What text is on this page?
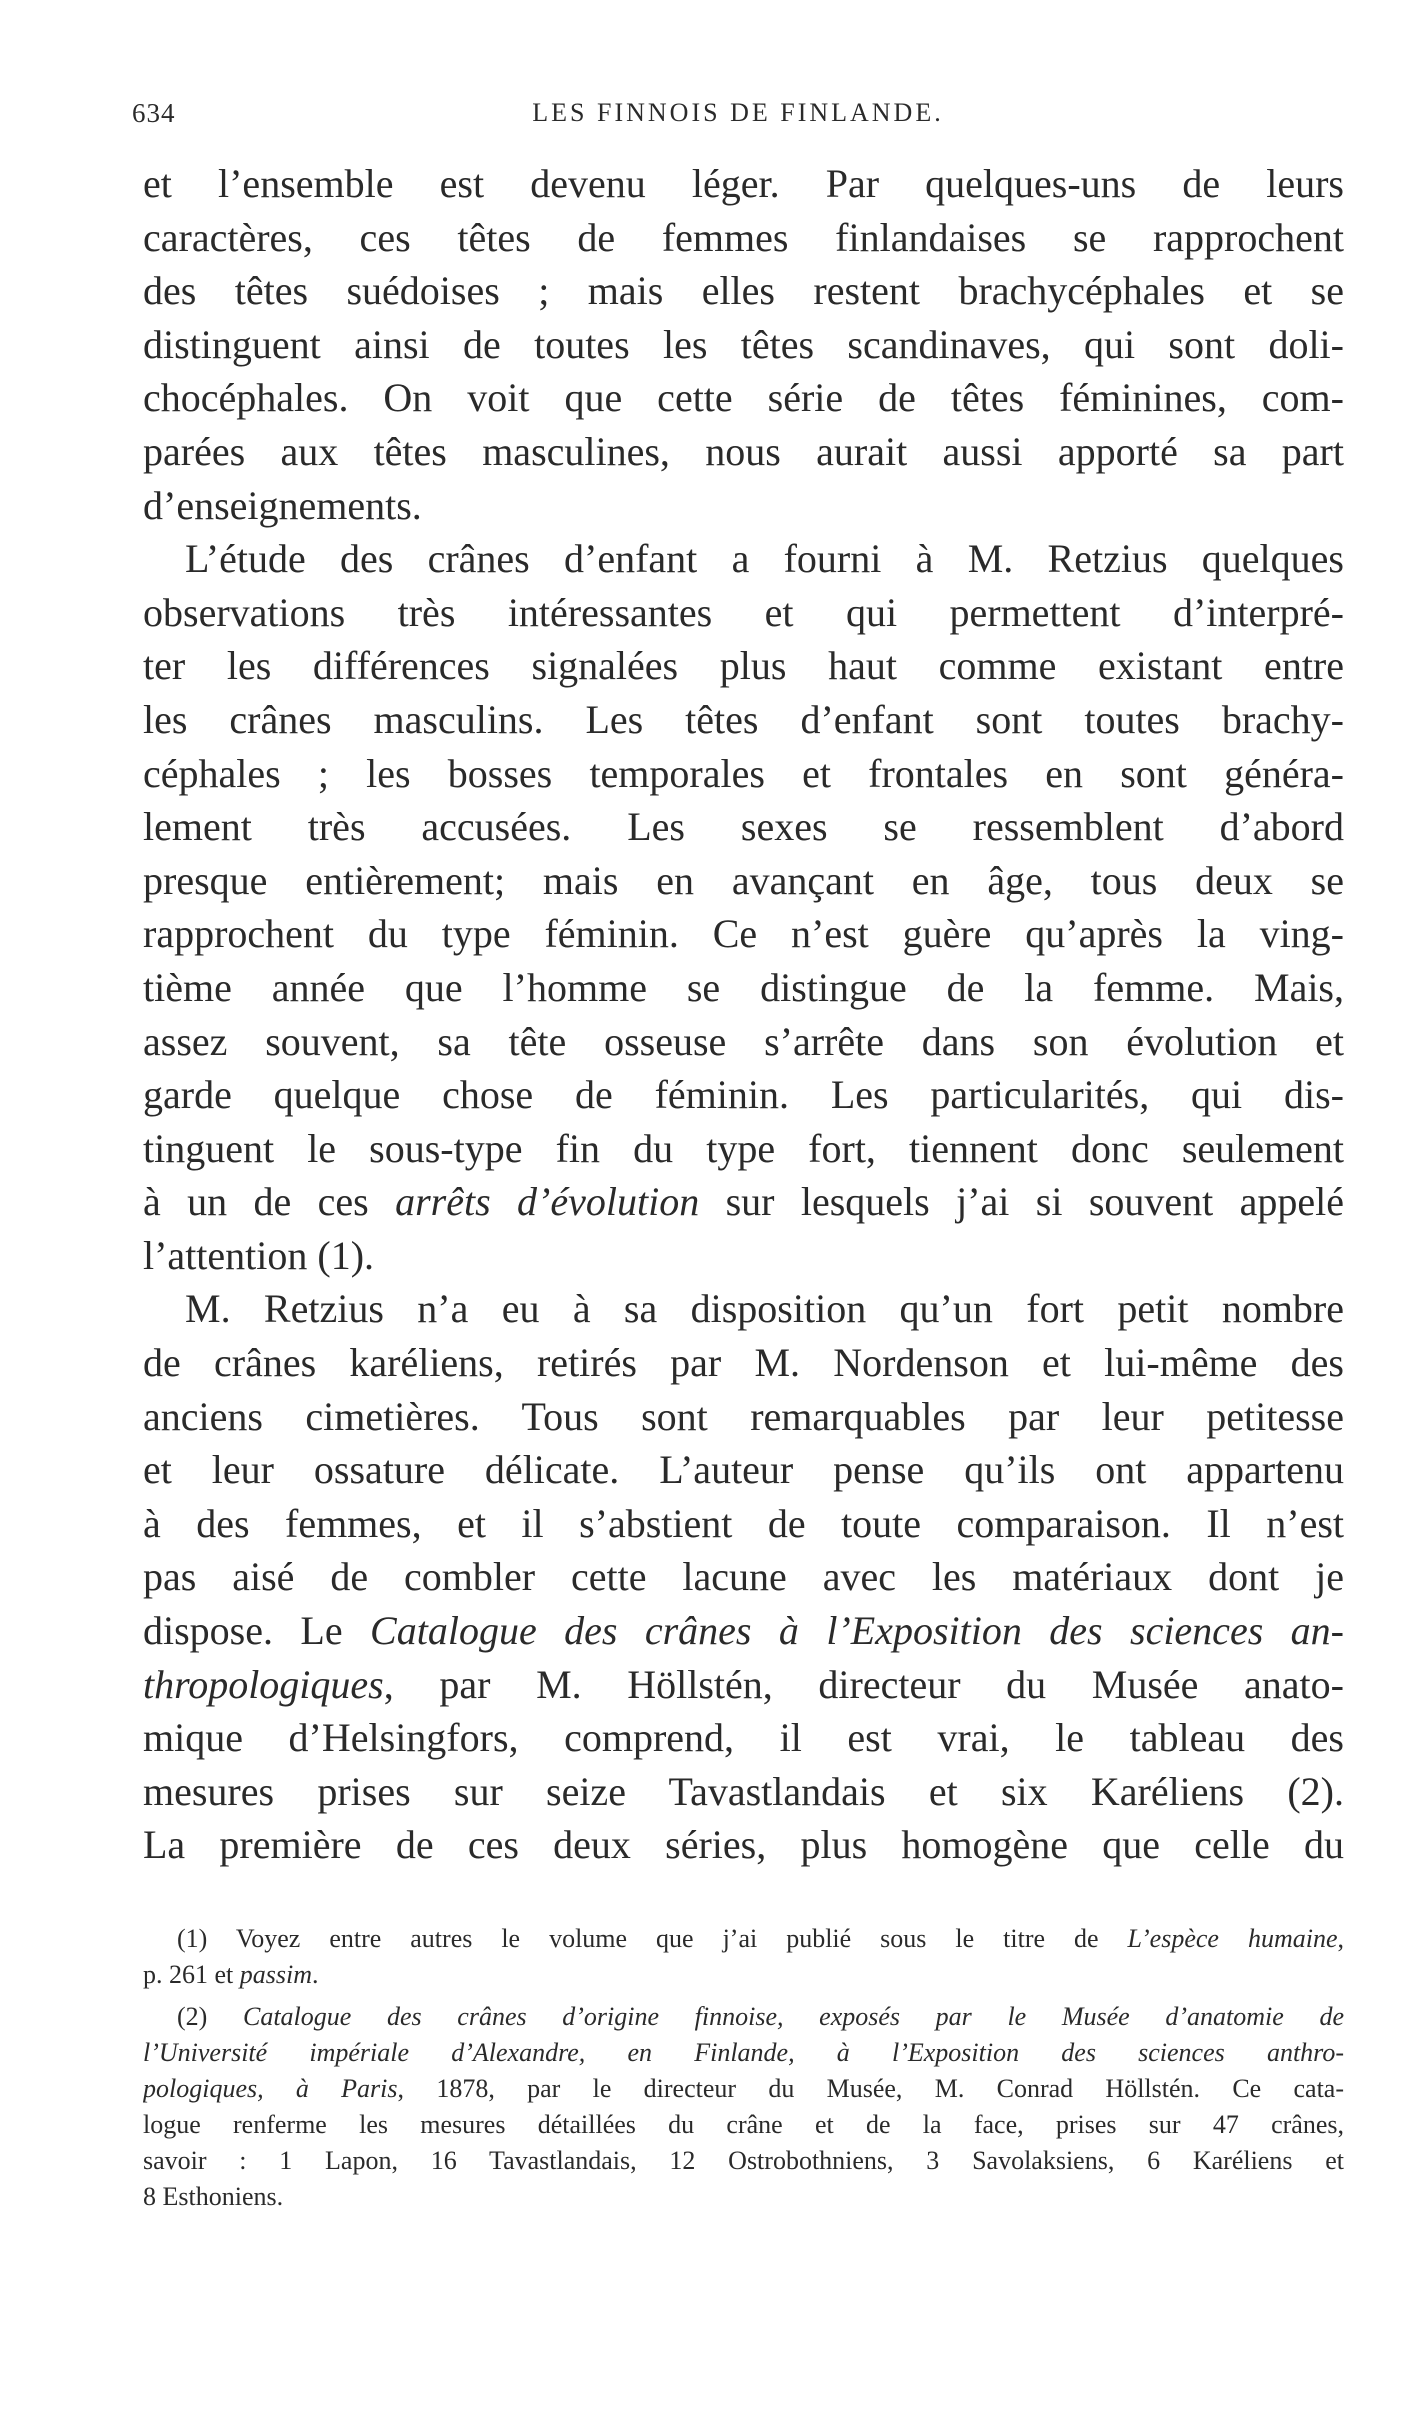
634	LES FINNOIS DE FINLANDE.
et l’ensemble est devenu léger. Par quelques-uns de leurs
caractères, ces têtes de femmes finlandaises se rapprochent
des têtes suédoises ; mais elles restent brachycéphales et se
distinguent ainsi de toutes les têtes scandinaves, qui sont doli-
chocéphales. On voit que cette série de têtes féminines, com-
parées aux têtes masculines, nous aurait aussi apporté sa part
d’enseignements.
L’étude des crânes d’enfant a fourni à M. Retzius quelques
observations très intéressantes et qui permettent d’interpré-
ter les différences signalées plus haut comme existant entre
les crânes masculins. Les têtes d’enfant sont toutes brachy-
céphales ; les bosses temporales et frontales en sont généra-
lement très accusées. Les sexes se ressemblent d’abord
presque entièrement; mais en avançant en âge, tous deux se
rapprochent du type féminin. Ce n’est guère qu’après la ving-
tième année que l’homme se distingue de la femme. Mais,
assez souvent, sa tête osseuse s’arrête dans son évolution et
garde quelque chose de féminin. Les particularités, qui dis-
tinguent le sous-type fin du type fort, tiennent donc seulement
à un de ces arrêts d’évolution sur lesquels j’ai si souvent appelé
l’attention (1).
M. Retzius n’a eu à sa disposition qu’un fort petit nombre
de crânes karéliens, retirés par M. Nordenson et lui-même des
anciens cimetières. Tous sont remarquables par leur petitesse
et leur ossature délicate. L’auteur pense qu’ils ont appartenu
à des femmes, et il s’abstient de toute comparaison. Il n’est
pas aisé de combler cette lacune avec les matériaux dont je
dispose. Le Catalogue des crânes à l’Exposition des sciences an-
thropologiques, par M. Höllstén, directeur du Musée anato-
mique d’Helsingfors, comprend, il est vrai, le tableau des
mesures prises sur seize Tavastlandais et six Karéliens (2).
La première de ces deux séries, plus homogène que celle du
(1) Voyez entre autres le volume que j’ai publié sous le titre de L’espèce humaine,
p. 261 et passim.
(2) Catalogue des crânes d’origine finnoise, exposés par le Musée d’anatomie de
l’Université impériale d’Alexandre, en Finlande, à l’Exposition des sciences anthro-
pologiques, à Paris, 1878, par le directeur du Musée, M. Conrad Höllstén. Ce cata-
logue renferme les mesures détaillées du crâne et de la face, prises sur 47 crânes,
savoir : 1 Lapon, 16 Tavastlandais, 12 Ostrobothniens, 3 Savolaksiens, 6 Karéliens et
8 Esthoniens.
